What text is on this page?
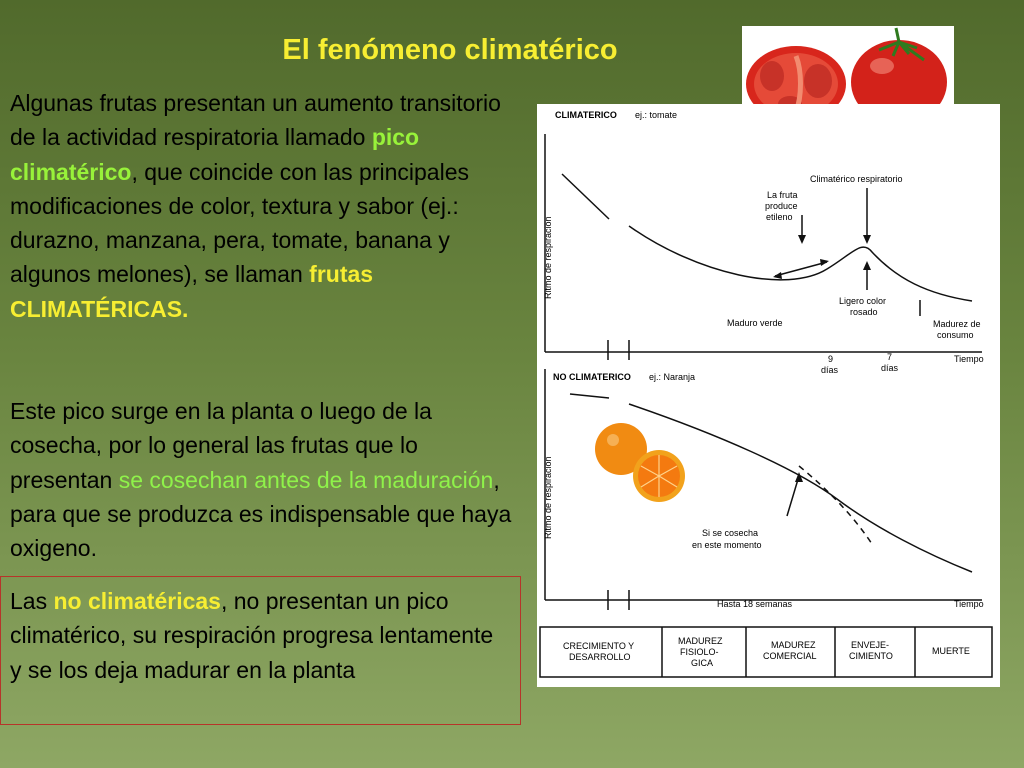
El fenómeno climatérico
Algunas frutas presentan un aumento transitorio de la actividad respiratoria llamado pico climatérico, que coincide con las principales modificaciones de color, textura y sabor (ej.: durazno, manzana, pera, tomate, banana y algunos melones), se llaman frutas CLIMATÉRICAS.
Este pico surge en la planta o luego de la cosecha, por lo general las frutas que lo presentan se cosechan antes de la maduración, para que se produzca es indispensable que haya oxigeno.
Las no climatéricas, no presentan un pico climatérico, su respiración progresa lentamente y se los deja madurar en la planta
CLIMATERICO ej.: tomate
Ritmo de respiración
Climatérico respiratorio
La fruta
produce
etileno
Ligero color
rosado
Maduro verde	Madurez de
consumo
Tiempo
9
días
7
días
NO CLIMATERICO ej.: Naranja
Ritmo de respiración	Si se cosecha
en este momento
Hasta 18 semanas	Tiempo
CRECIMIENTO Y
DESARROLLO
MADUREZ
FISIOLO-
GICA
MADUREZ
COMERCIAL
ENVEJE-
CIMIENTO	MUERTE
